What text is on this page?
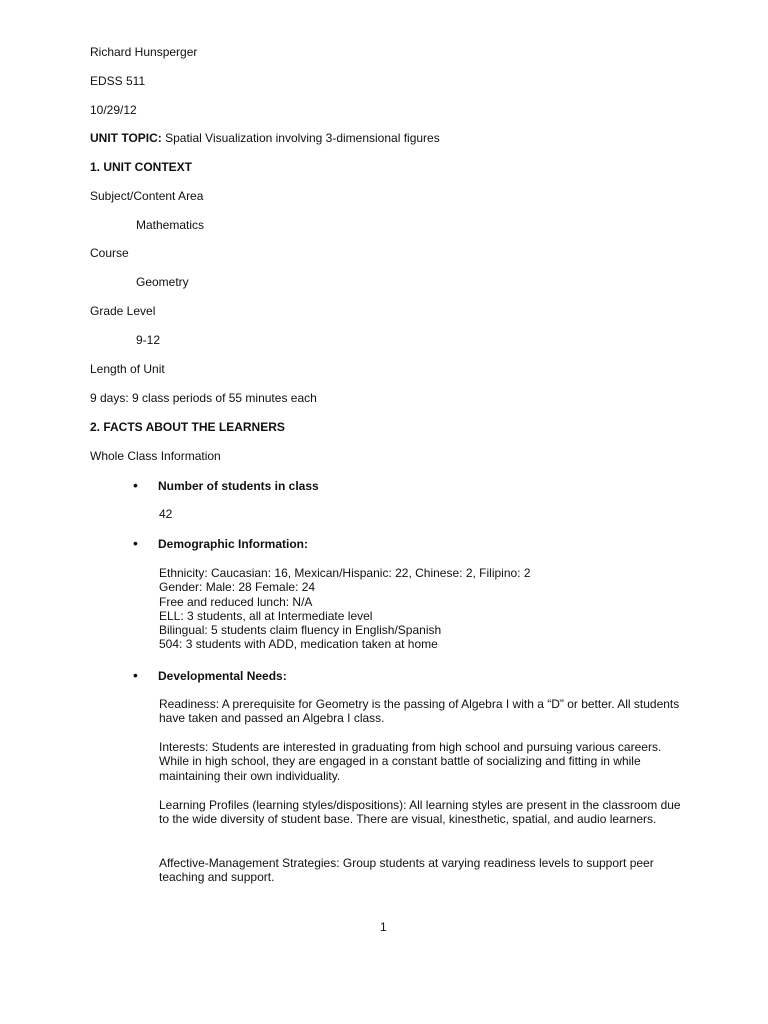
Richard Hunsperger
EDSS 511
10/29/12
UNIT TOPIC: Spatial Visualization involving 3-dimensional figures
1. UNIT CONTEXT
Subject/Content Area
Mathematics
Course
Geometry
Grade Level
9-12
Length of Unit
9 days: 9 class periods of 55 minutes each
2. FACTS ABOUT THE LEARNERS
Whole Class Information
• Number of students in class
42
• Demographic Information:
Ethnicity: Caucasian: 16, Mexican/Hispanic: 22, Chinese: 2, Filipino: 2
Gender: Male: 28 Female: 24
Free and reduced lunch: N/A
ELL: 3 students, all at Intermediate level
Bilingual: 5 students claim fluency in English/Spanish
504: 3 students with ADD, medication taken at home
• Developmental Needs:
Readiness: A prerequisite for Geometry is the passing of Algebra I with a “D” or better. All students have taken and passed an Algebra I class.
Interests: Students are interested in graduating from high school and pursuing various careers. While in high school, they are engaged in a constant battle of socializing and fitting in while maintaining their own individuality.
Learning Profiles (learning styles/dispositions): All learning styles are present in the classroom due to the wide diversity of student base. There are visual, kinesthetic, spatial, and audio learners.
Affective-Management Strategies: Group students at varying readiness levels to support peer teaching and support.
1
